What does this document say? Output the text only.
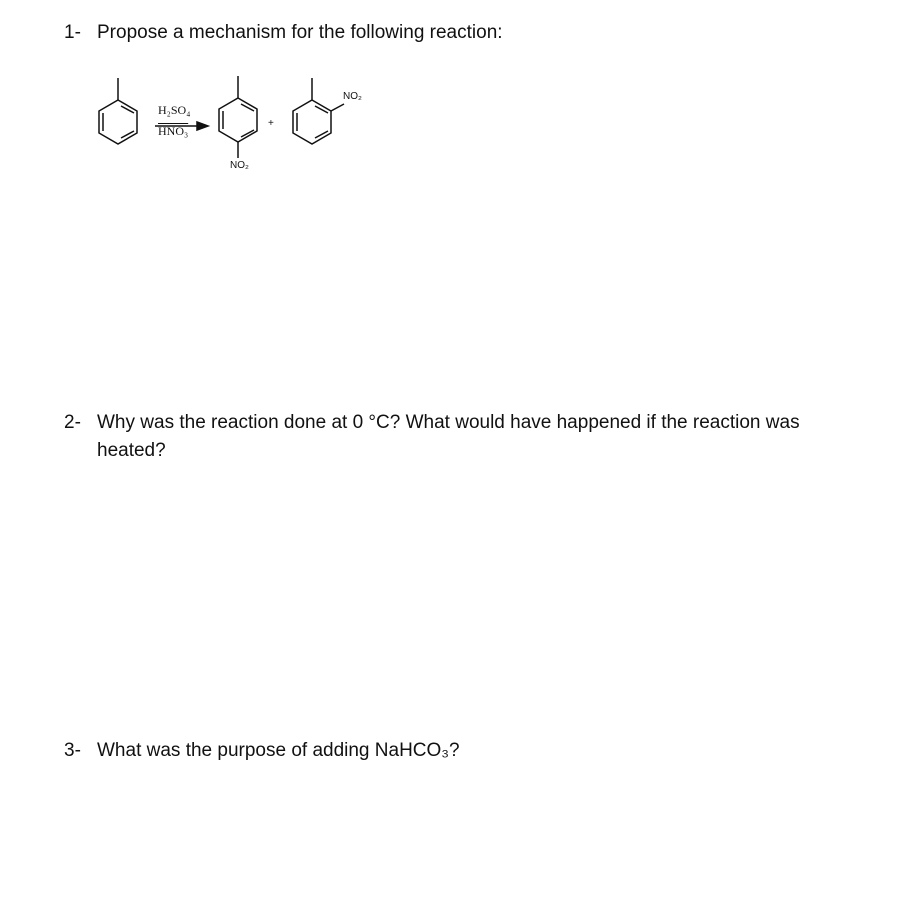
1- Propose a mechanism for the following reaction:
H₂SO₄
HNO₃
+
NO₂
NO₂
2- Why was the reaction done at 0 °C? What would have happened if the reaction was heated?
3- What was the purpose of adding NaHCO₃?
